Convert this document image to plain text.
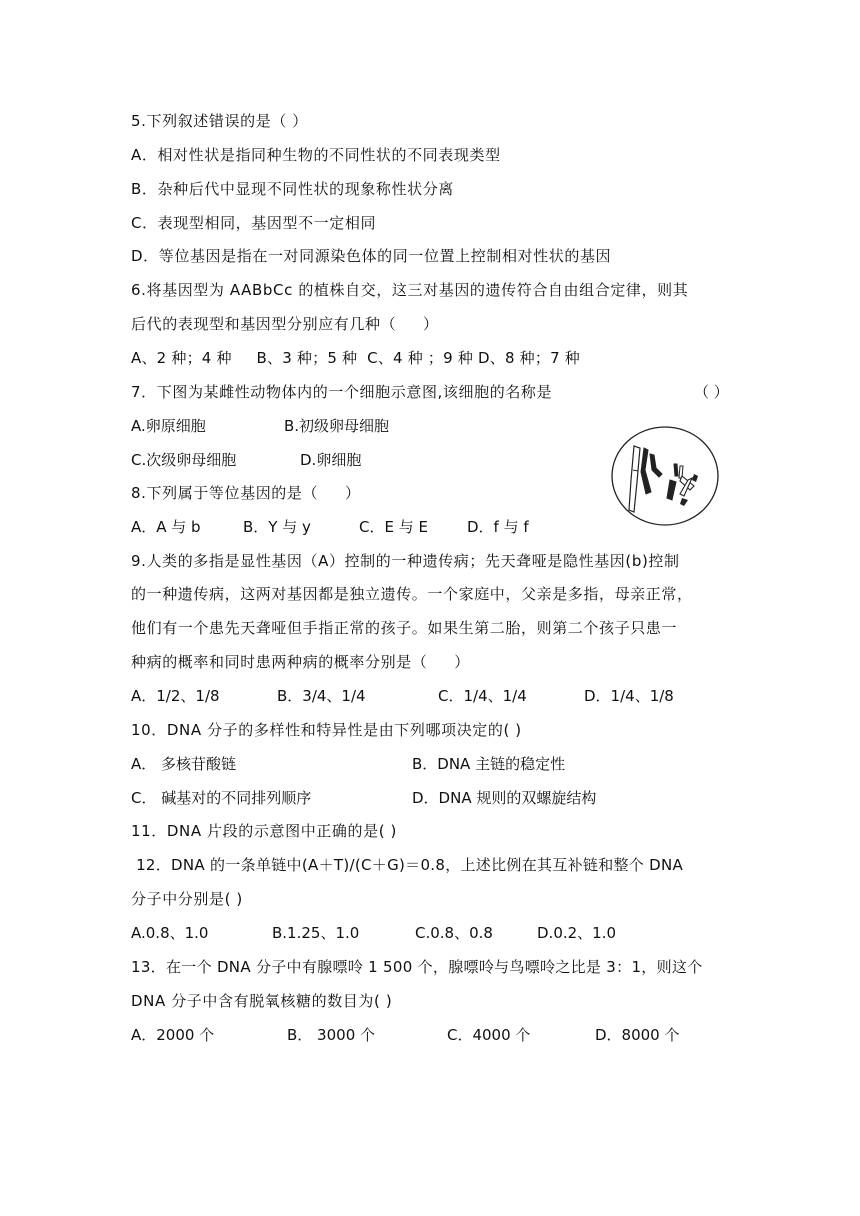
5.下列叙述错误的是（ ）
A．相对性状是指同种生物的不同性状的不同表现类型
B．杂种后代中显现不同性状的现象称性状分离
C．表现型相同，基因型不一定相同
D．等位基因是指在一对同源染色体的同一位置上控制相对性状的基因
6.将基因型为 AABbCc 的植株自交，这三对基因的遗传符合自由组合定律，则其
后代的表现型和基因型分别应有几种（     ）
A、2 种；4 种     B、3 种；5 种  C、4 种 ；9 种 D、8 种；7 种
7．下图为某雌性动物体内的一个细胞示意图,该细胞的名称是	（ ）

A.卵原细胞

	B.初级卵母细胞

C.次级卵母细胞

	D.卵细胞

8.下列属于等位基因的是（     ）

A．A 与 b

	B．Y 与 y

	C．E 与 E

	D．f 与 f

9.人类的多指是显性基因（A）控制的一种遗传病；先天聋哑是隐性基因(b)控制
的一种遗传病，这两对基因都是独立遗传。一个家庭中，父亲是多指，母亲正常，
他们有一个患先天聋哑但手指正常的孩子。如果生第二胎，则第二个孩子只患一
种病的概率和同时患两种病的概率分别是（     ）

A．1/2、1/8

	B．3/4、1/4

	C．1/4、1/4

	D．1/4、1/8

10．DNA 分子的多样性和特异性是由下列哪项决定的( )

A． 多核苷酸链

	B．DNA 主链的稳定性

C． 碱基对的不同排列顺序

	D．DNA 规则的双螺旋结构

11．DNA 片段的示意图中正确的是( )
12．DNA 的一条单链中(A＋T)/(C＋G)＝0.8，上述比例在其互补链和整个 DNA
分子中分别是( )

A.0.8、1.0

	B.1.25、1.0

	C.0.8、0.8

	D.0.2、1.0

13．在一个 DNA 分子中有腺嘌呤 1 500 个，腺嘌呤与鸟嘌呤之比是 3：1，则这个
DNA 分子中含有脱氧核糖的数目为( )

A．2000 个

	B． 3000 个

	C．4000 个

	D．8000 个
